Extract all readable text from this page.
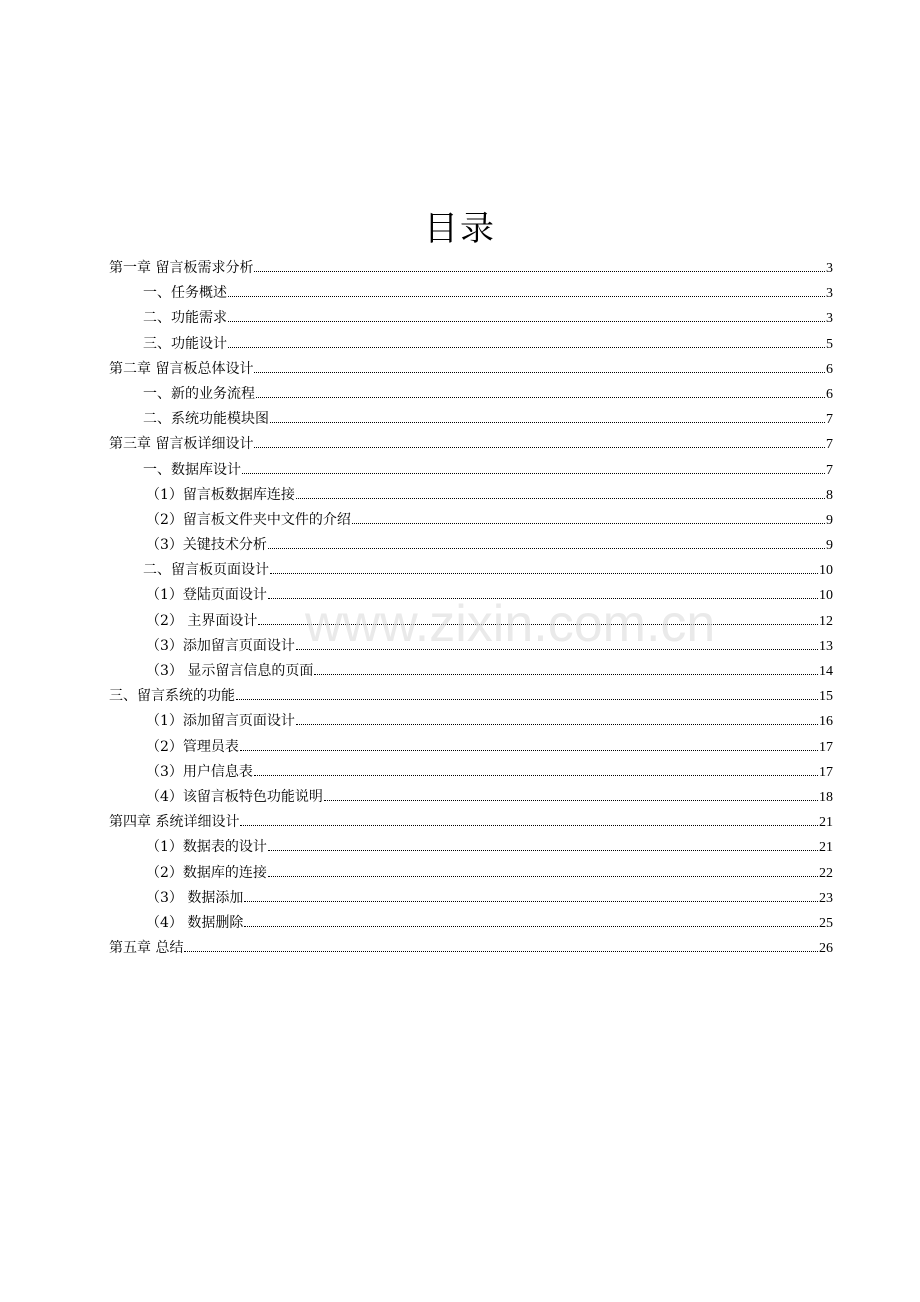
目录
第一章 留言板需求分析	3
一、任务概述	3
二、功能需求	3
三、功能设计	5
第二章 留言板总体设计	6
一、新的业务流程	6
二、系统功能模块图	7
第三章 留言板详细设计	7
一、数据库设计	7
（1）留言板数据库连接	8
（2）留言板文件夹中文件的介绍	9
（3）关键技术分析	9
二、留言板页面设计	10
（1）登陆页面设计	10
（2） 主界面设计	12
（3）添加留言页面设计	13
（3） 显示留言信息的页面	14
三、留言系统的功能	15
（1）添加留言页面设计	16
（2）管理员表	17
（3）用户信息表	17
（4）该留言板特色功能说明	18
第四章 系统详细设计	21
（1）数据表的设计	21
（2）数据库的连接	22
（3） 数据添加	23
（4） 数据删除	25
第五章 总结	26
www.zixin.com.cn
